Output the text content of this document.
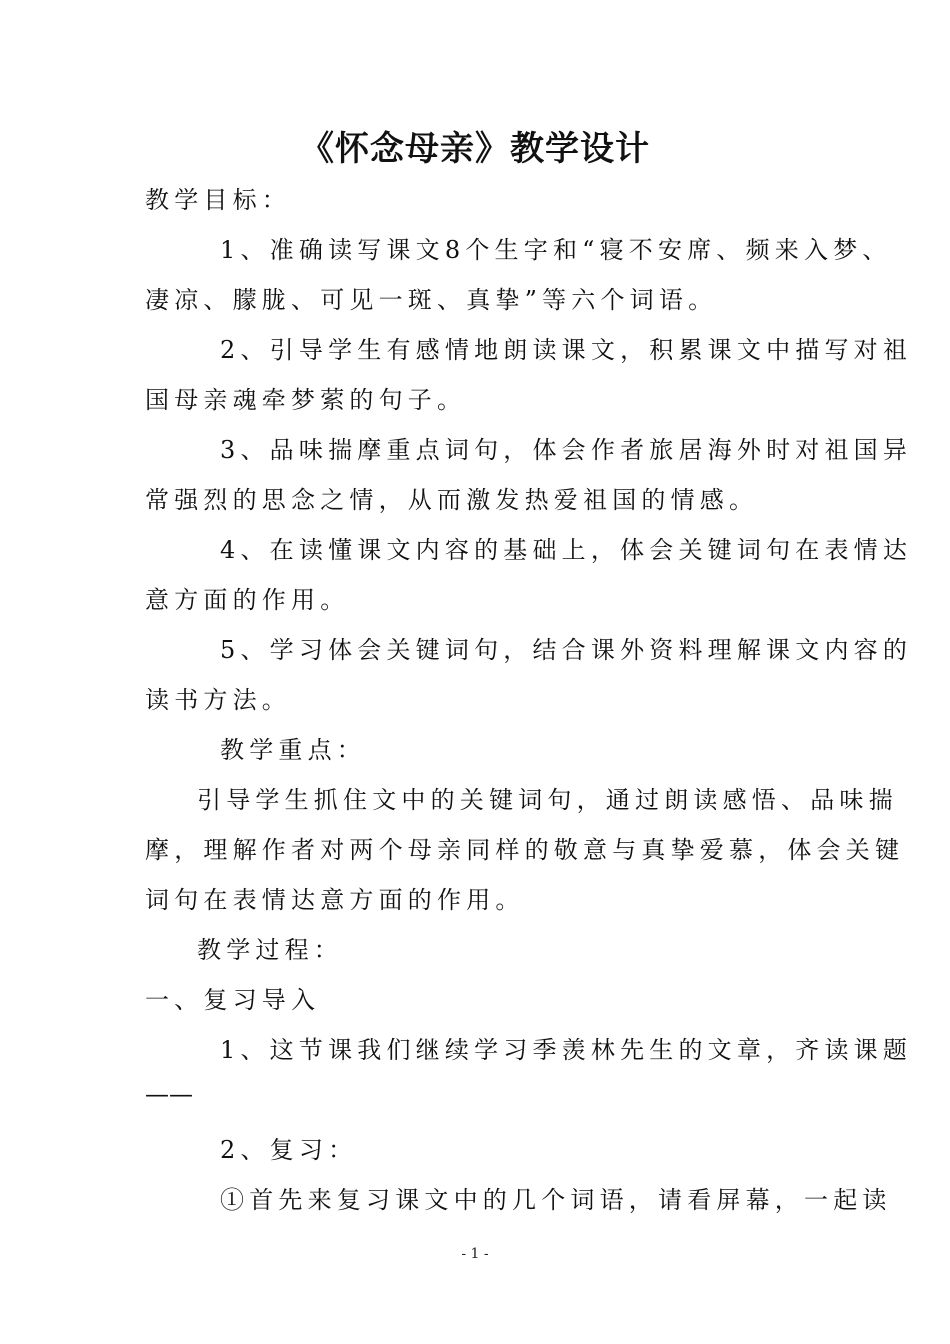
《怀念母亲》教学设计
教学目标：
1、准确读写课文8个生字和“寝不安席、频来入梦、
凄凉、朦胧、可见一斑、真挚”等六个词语。
2、引导学生有感情地朗读课文，积累课文中描写对祖
国母亲魂牵梦萦的句子。
3、品味揣摩重点词句，体会作者旅居海外时对祖国异
常强烈的思念之情，从而激发热爱祖国的情感。
4、在读懂课文内容的基础上，体会关键词句在表情达
意方面的作用。
5、学习体会关键词句，结合课外资料理解课文内容的
读书方法。
教学重点：
引导学生抓住文中的关键词句，通过朗读感悟、品味揣
摩，理解作者对两个母亲同样的敬意与真挚爱慕，体会关键
词句在表情达意方面的作用。
教学过程：
一、复习导入
1、这节课我们继续学习季羡林先生的文章，齐读课题
——
2、复习：
①首先来复习课文中的几个词语，请看屏幕，一起读
- 1 -
